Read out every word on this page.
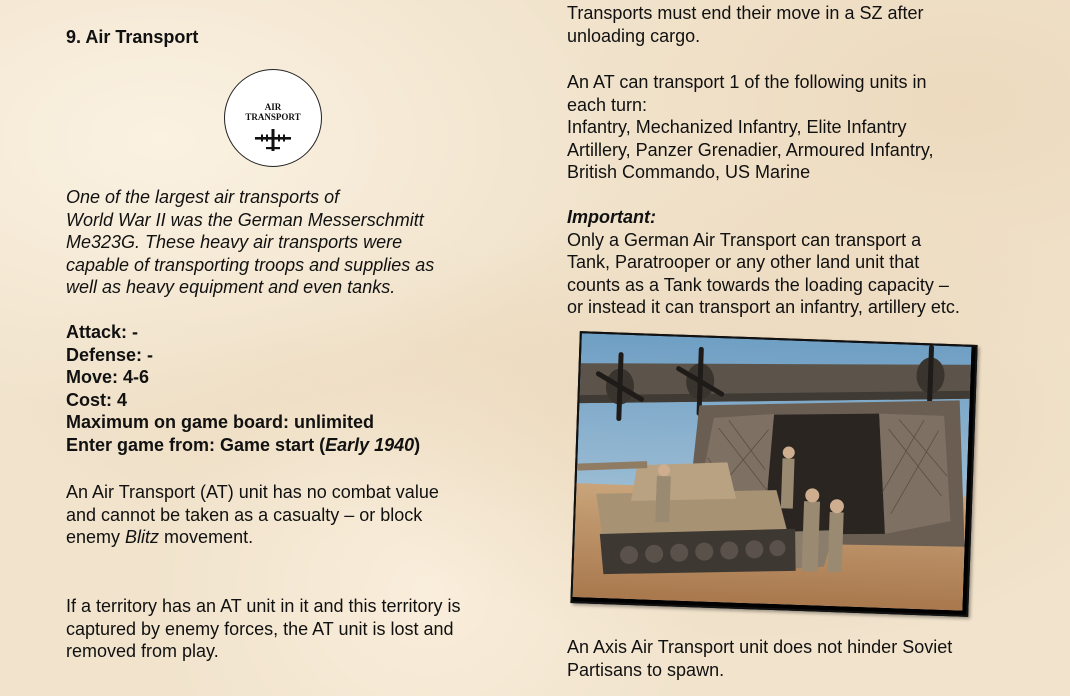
9. Air Transport
AIR
TRANSPORT
One of the largest air transports of
World War II was the German Messerschmitt
Me323G. These heavy air transports were
capable of transporting troops and supplies as
well as heavy equipment and even tanks.
Attack: -
Defense: -
Move: 4-6
Cost: 4
Maximum on game board: unlimited
Enter game from: Game start (Early 1940)
An Air Transport (AT) unit has no combat value
and cannot be taken as a casualty – or block
enemy Blitz movement.
If a territory has an AT unit in it and this territory is
captured by enemy forces, the AT unit is lost and
removed from play.
Transports must end their move in a SZ after
unloading cargo.
An AT can transport 1 of the following units in
each turn:
Infantry, Mechanized Infantry, Elite Infantry
Artillery, Panzer Grenadier, Armoured Infantry,
British Commando, US Marine
Important:
Only a German Air Transport can transport a
Tank, Paratrooper or any other land unit that
counts as a Tank towards the loading capacity –
or instead it can transport an infantry, artillery etc.
An Axis Air Transport unit does not hinder Soviet
Partisans to spawn.
